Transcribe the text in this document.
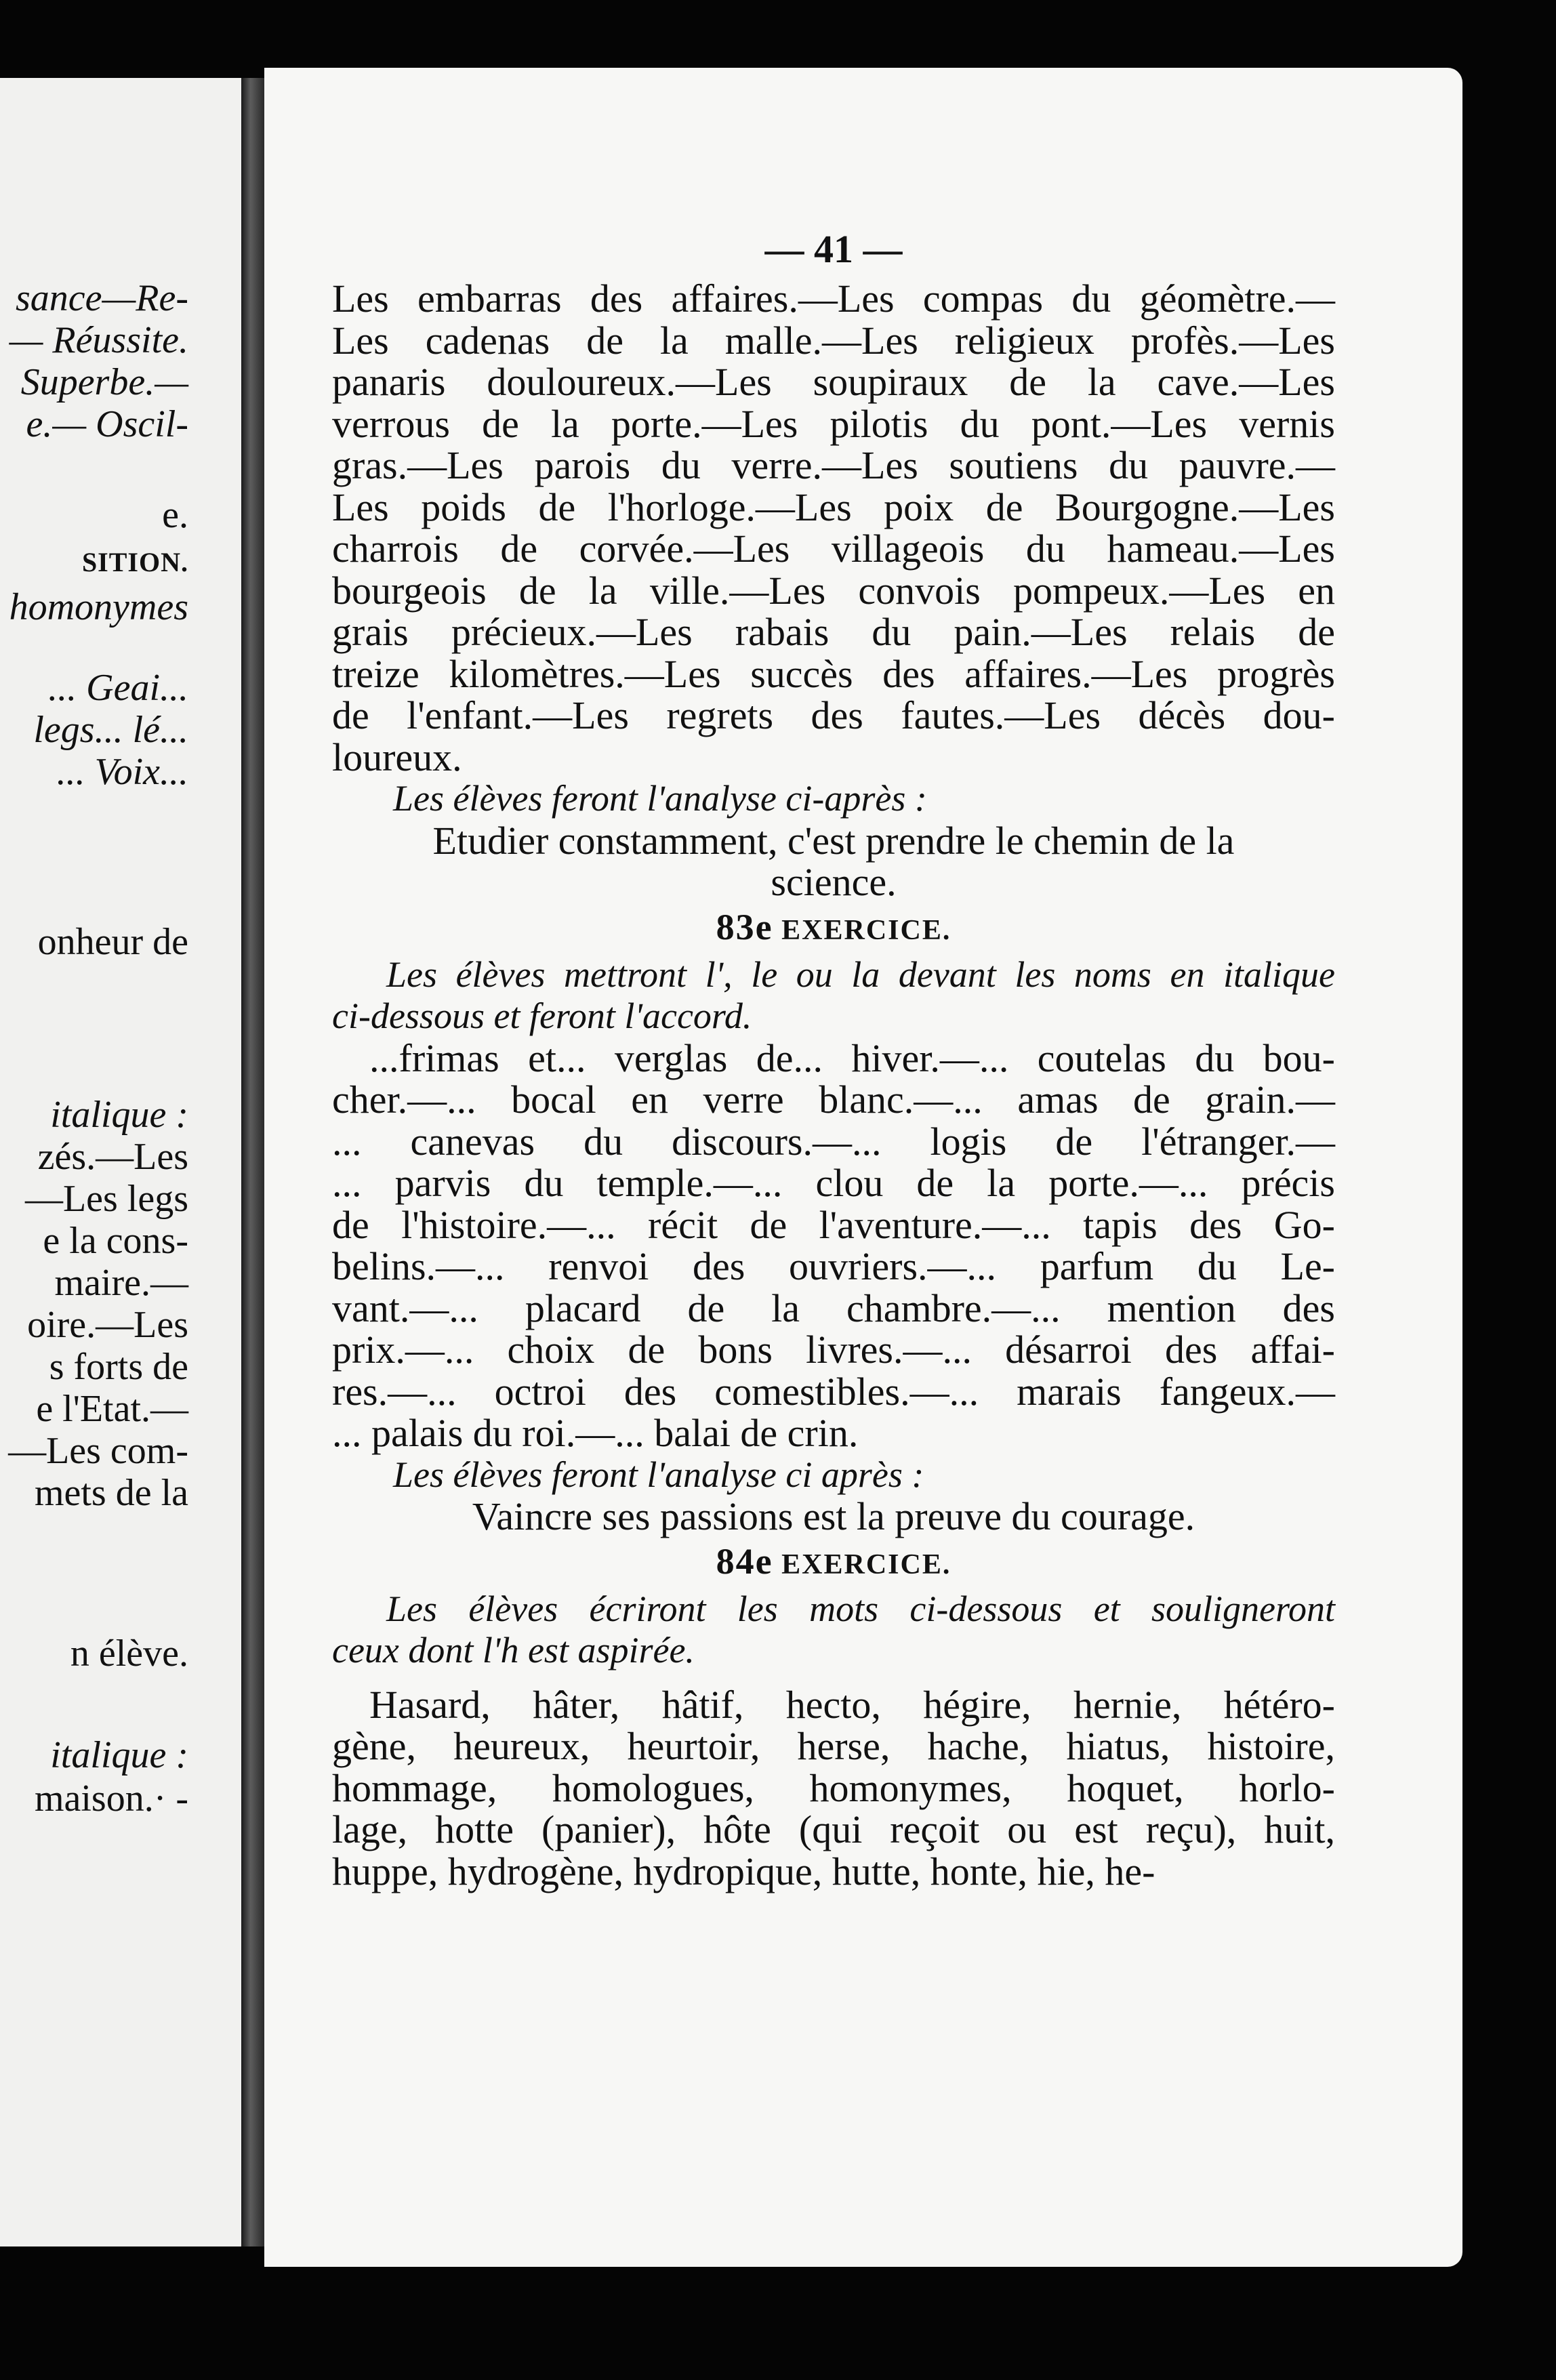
sance—Re-
— Réussite.
Superbe.—
e.— Oscil-
e.
SITION.
homonymes
... Geai...
legs... lé...
... Voix...
onheur de
italique :
zés.—Les
—Les legs
e la cons-
maire.—
oire.—Les
s forts de
e l'Etat.—
—Les com-
mets de la
n élève.
italique :
maison.· -
— 41 —
Les embarras des affaires.—Les compas du géomètre.—
Les cadenas de la malle.—Les religieux profès.—Les
panaris douloureux.—Les soupiraux de la cave.—Les
verrous de la porte.—Les pilotis du pont.—Les vernis
gras.—Les parois du verre.—Les soutiens du pauvre.—
Les poids de l'horloge.—Les poix de Bourgogne.—Les
charrois de corvée.—Les villageois du hameau.—Les
bourgeois de la ville.—Les convois pompeux.—Les en
grais précieux.—Les rabais du pain.—Les relais de
treize kilomètres.—Les succès des affaires.—Les progrès
de l'enfant.—Les regrets des fautes.—Les décès dou-
loureux.
Les élèves feront l'analyse ci-après :
Etudier constamment, c'est prendre le chemin de la
science.
83e EXERCICE.
Les élèves mettront l', le ou la devant les noms en italique
ci-dessous et feront l'accord.
...frimas et... verglas de... hiver.—... coutelas du bou-
cher.—... bocal en verre blanc.—... amas de grain.—
... canevas du discours.—... logis de l'étranger.—
... parvis du temple.—... clou de la porte.—... précis
de l'histoire.—... récit de l'aventure.—... tapis des Go-
belins.—... renvoi des ouvriers.—... parfum du Le-
vant.—... placard de la chambre.—... mention des
prix.—... choix de bons livres.—... désarroi des affai-
res.—... octroi des comestibles.—... marais fangeux.—
... palais du roi.—... balai de crin.
Les élèves feront l'analyse ci après :
Vaincre ses passions est la preuve du courage.
84e EXERCICE.
Les élèves écriront les mots ci-dessous et souligneront
ceux dont l'h est aspirée.
Hasard, hâter, hâtif, hecto, hégire, hernie, hétéro-
gène, heureux, heurtoir, herse, hache, hiatus, histoire,
hommage, homologues, homonymes, hoquet, horlo-
lage, hotte (panier), hôte (qui reçoit ou est reçu), huit,
huppe, hydrogène, hydropique, hutte, honte, hie, he-
